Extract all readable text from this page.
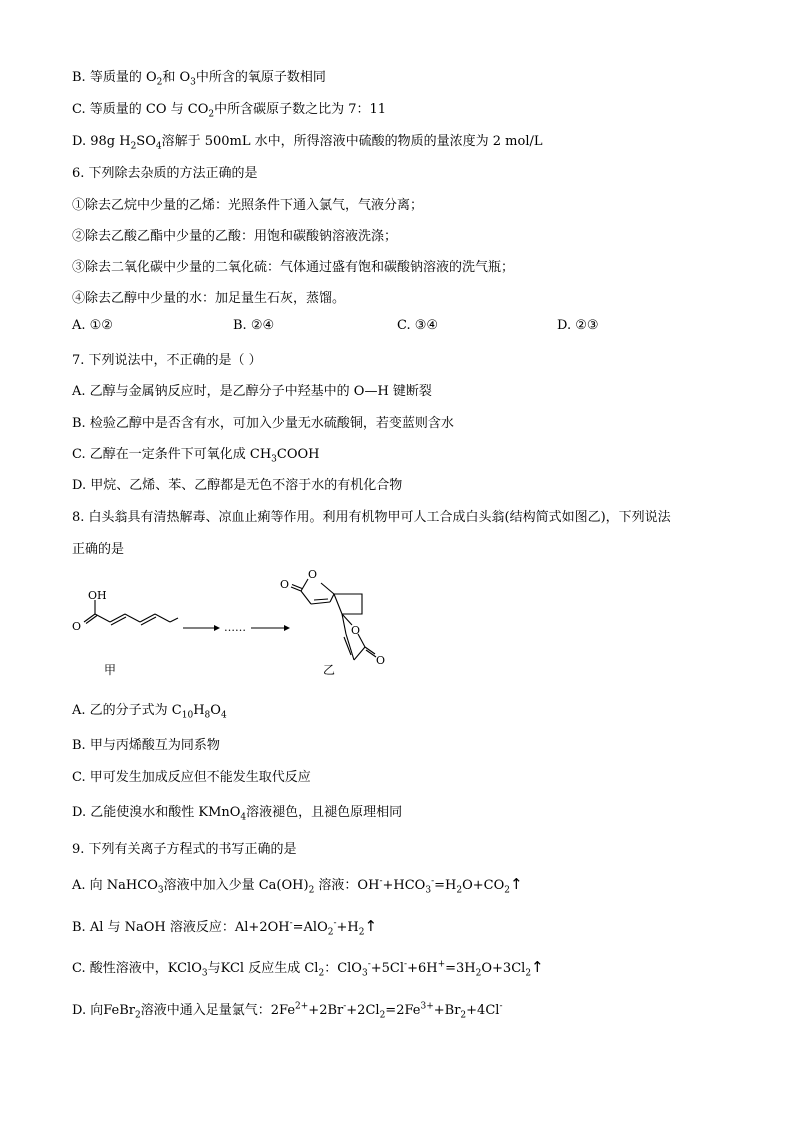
B. 等质量的 $O_2$和 $O_3$中所含的氧原子数相同
C. 等质量的 CO 与 $CO_2$中所含碳原子数之比为 7：11
D. 98g $H_2SO_4$溶解于 500mL 水中，所得溶液中硫酸的物质的量浓度为 2 mol/L
6. 下列除去杂质的方法正确的是
①除去乙烷中少量的乙烯：光照条件下通入氯气，气液分离；
②除去乙酸乙酯中少量的乙酸：用饱和碳酸钠溶液洗涤；
③除去二氧化碳中少量的二氧化硫：气体通过盛有饱和碳酸钠溶液的洗气瓶；
④除去乙醇中少量的水：加足量生石灰，蒸馏。
A. ①②	B. ②④	C. ③④	D. ②③
7. 下列说法中，不正确的是（ ）
A. 乙醇与金属钠反应时，是乙醇分子中羟基中的 O—H 键断裂
B. 检验乙醇中是否含有水，可加入少量无水硫酸铜，若变蓝则含水
C. 乙醇在一定条件下可氧化成 $CH_3COOH$
D. 甲烷、乙烯、苯、乙醇都是无色不溶于水的有机化合物
8. 白头翁具有清热解毒、凉血止痢等作用。利用有机物甲可人工合成白头翁(结构简式如图乙)，下列说法
正确的是
OH
O
甲
……
O
O
O
O
乙
A. 乙的分子式为 $C_{10}H_8O_4$
B. 甲与丙烯酸互为同系物
C. 甲可发生加成反应但不能发生取代反应
D. 乙能使溴水和酸性 KMnO$_4$溶液褪色，且褪色原理相同
9. 下列有关离子方程式的书写正确的是
A. 向 NaHCO$_3$溶液中加入少量 $Ca(OH)_2$ 溶液：$OH^-+HCO_3^-=H_2O+CO_2↑$
B. Al 与 NaOH 溶液反应：$Al+2OH^-=AlO_2^-+H_2↑$
C. 酸性溶液中，KClO$_3$与KCl 反应生成 $Cl_2$：$ClO_3^-+5Cl^-+6H^+=3H_2O+3Cl_2↑$
D. 向FeBr$_2$溶液中通入足量氯气：$2Fe^{2+}+2Br^-+2Cl_2=2Fe^{3+}+Br_2+4Cl^-$
